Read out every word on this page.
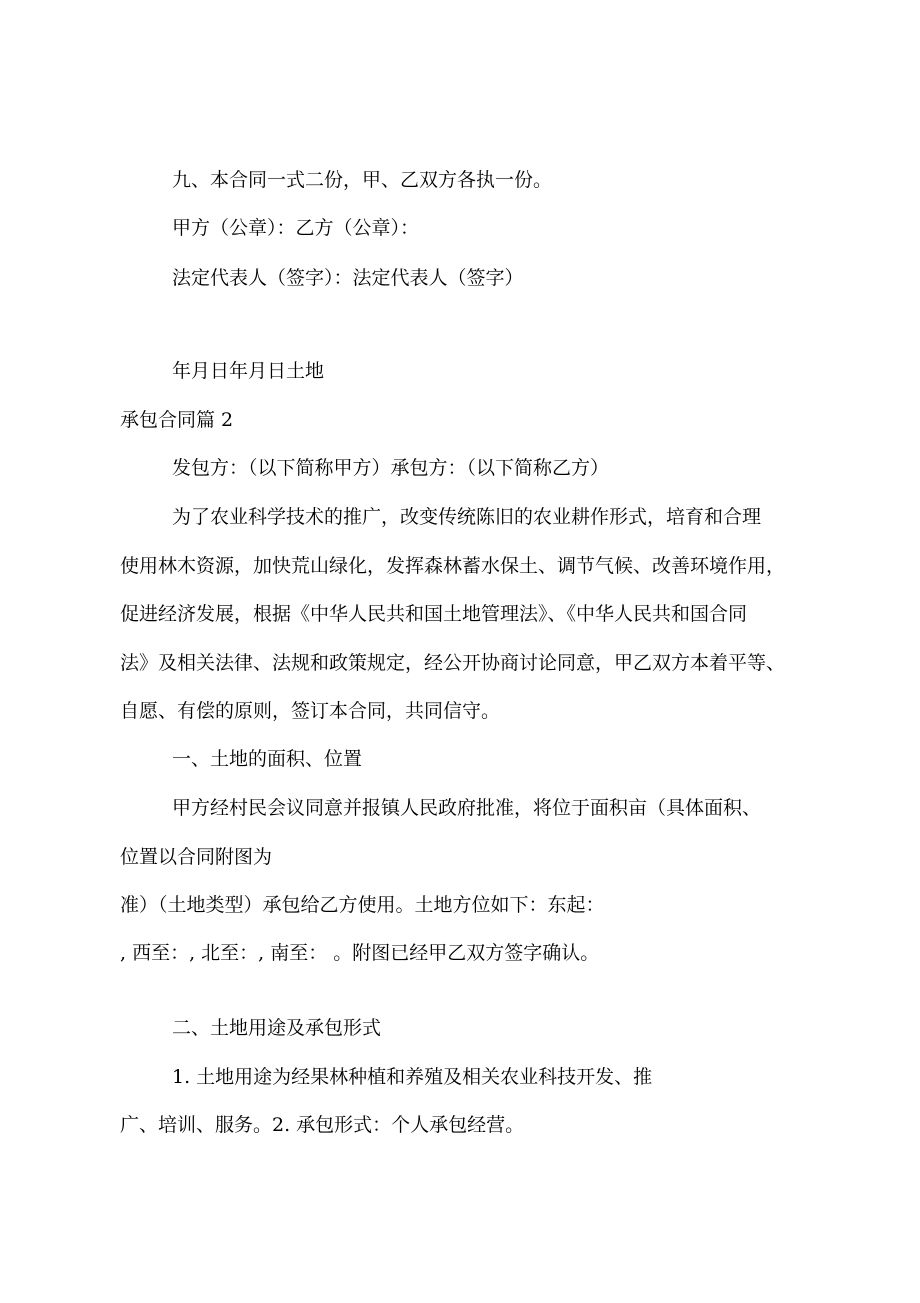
九、本合同一式二份，甲、乙双方各执一份。

甲方（公章）：乙方（公章）：

法定代表人（签字）：法定代表人（签字）

年月日年月日土地

承包合同篇 2

发包方：（以下简称甲方）承包方：（以下简称乙方）

为了农业科学技术的推广，改变传统陈旧的农业耕作形式，培育和合理

使用林木资源，加快荒山绿化，发挥森林蓄水保土、调节气候、改善环境作用，

促进经济发展，根据《中华人民共和国土地管理法》、《中华人民共和国合同

法》及相关法律、法规和政策规定，经公开协商讨论同意，甲乙双方本着平等、

自愿、有偿的原则，签订本合同，共同信守。

一、土地的面积、位置

甲方经村民会议同意并报镇人民政府批准，将位于面积亩（具体面积、

位置以合同附图为

准）（土地类型）承包给乙方使用。土地方位如下：东起：

, 西至：, 北至：, 南至： 。附图已经甲乙双方签字确认。

二、土地用途及承包形式

1. 土地用途为经果林种植和养殖及相关农业科技开发、推

广、培训、服务。2. 承包形式：个人承包经营。
